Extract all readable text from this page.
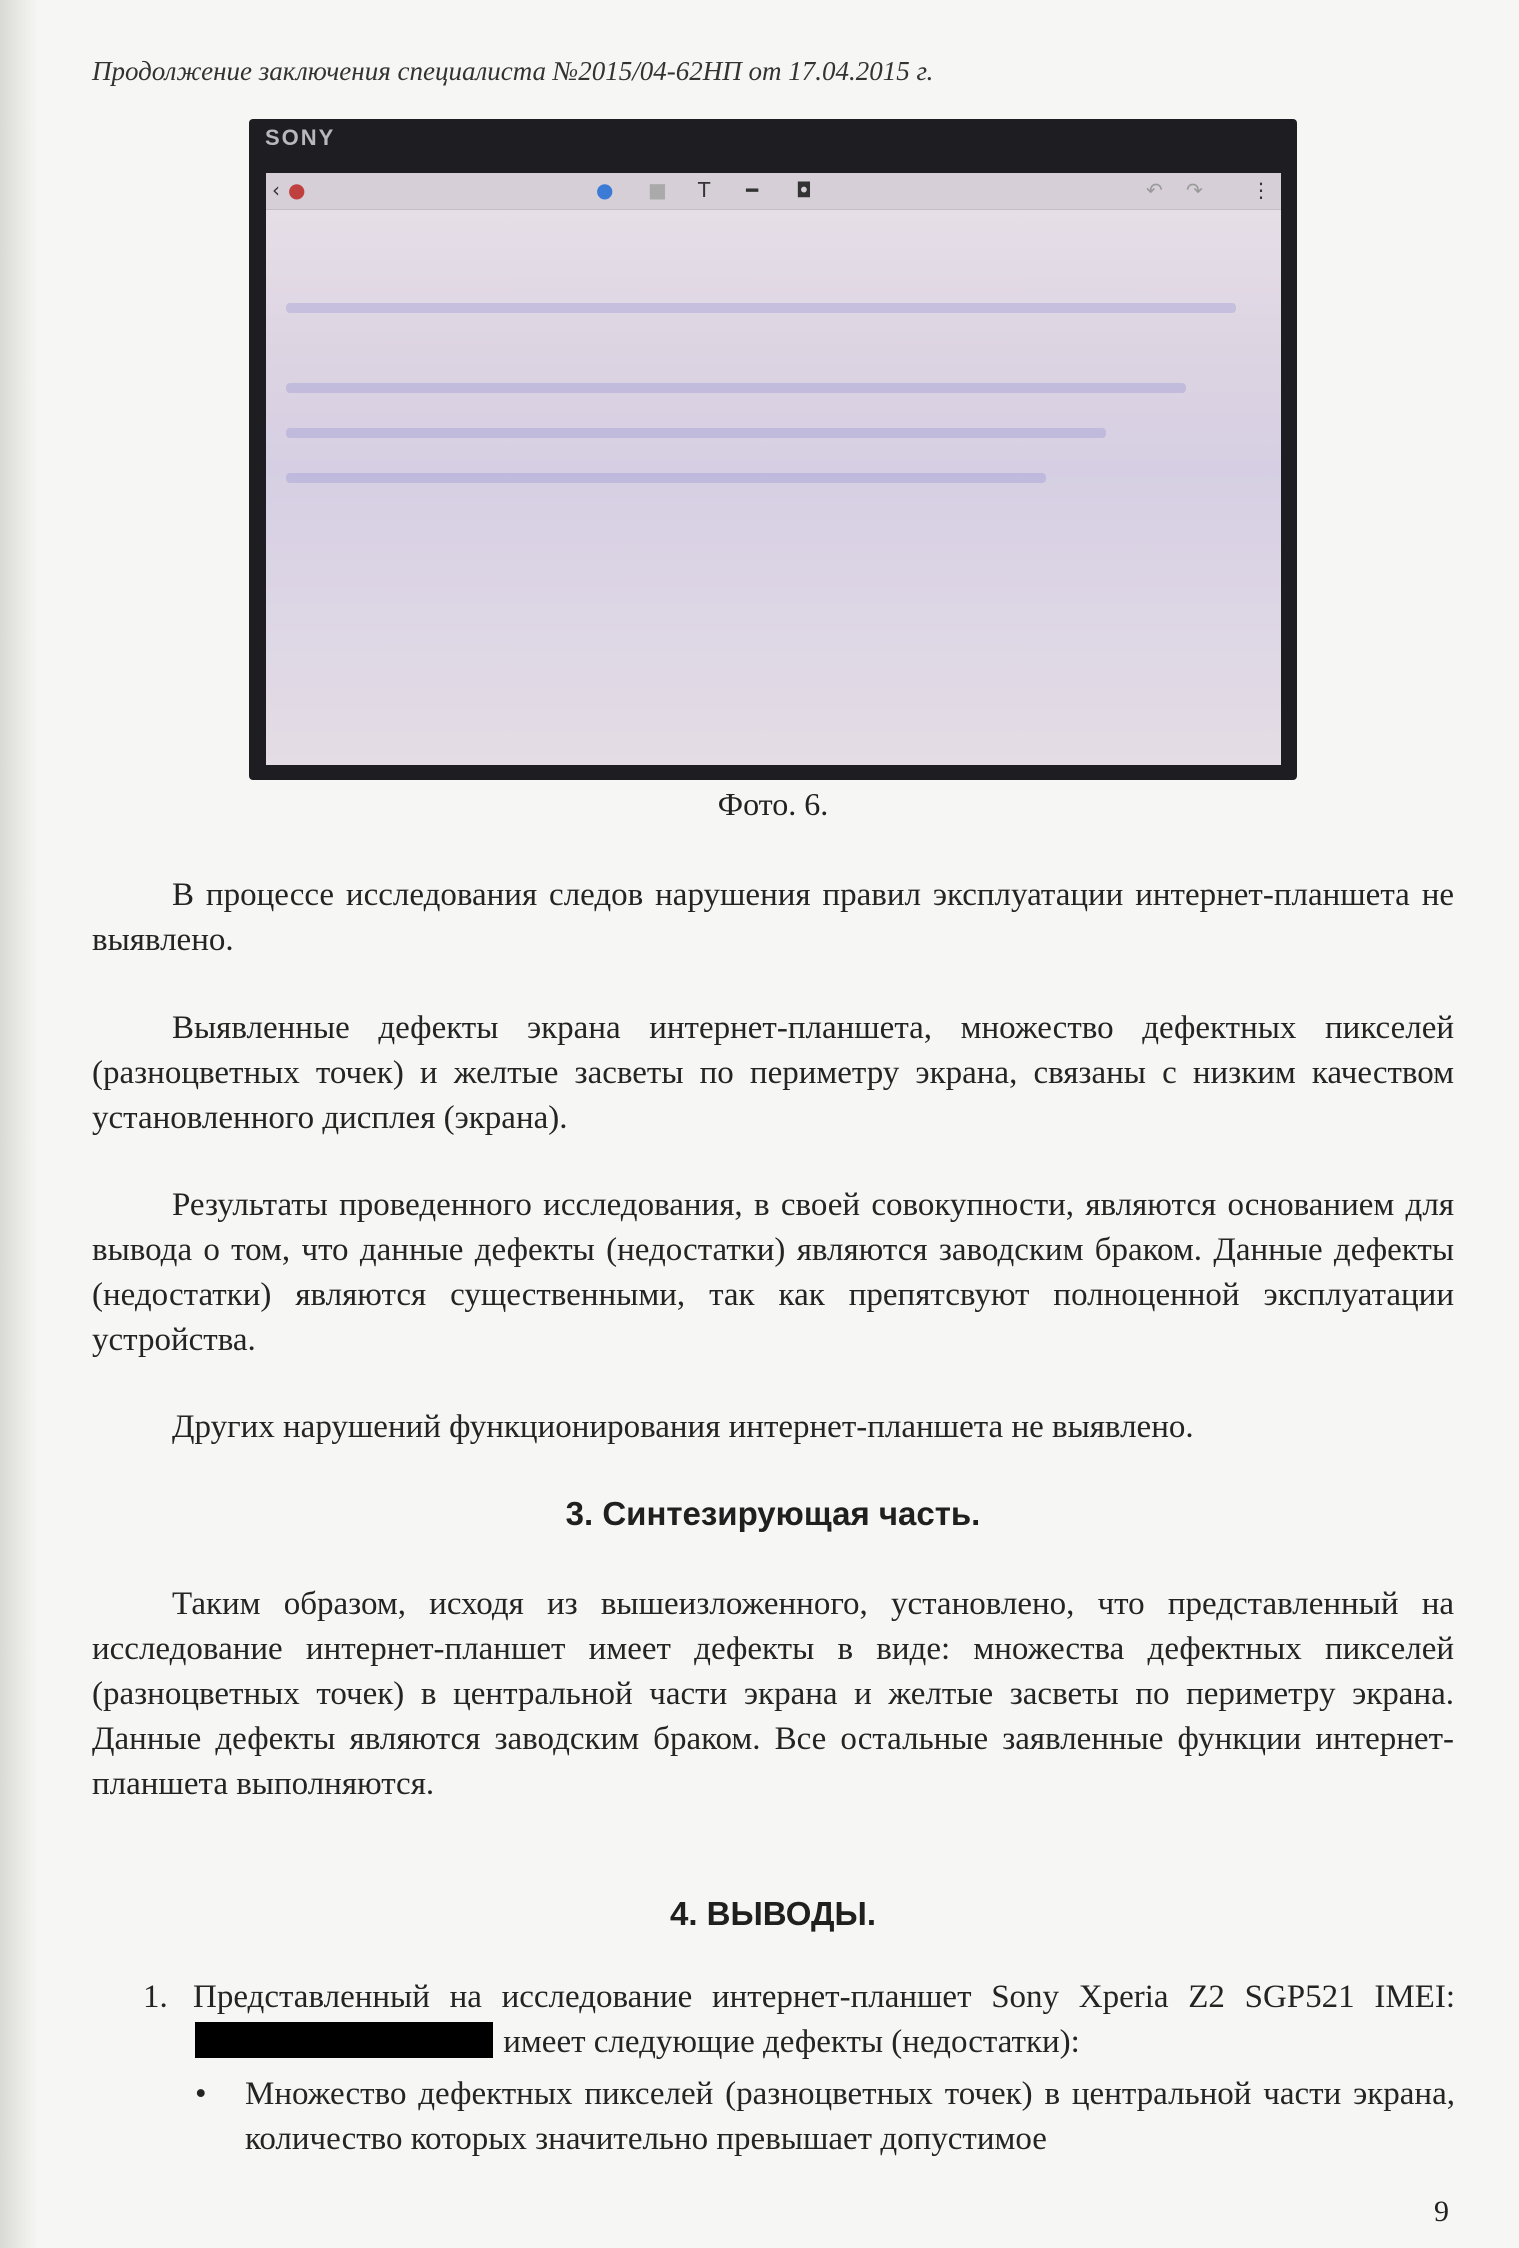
Продолжение заключения специалиста №2015/04-62НП от 17.04.2015 г.
SONY
‹ ●	● ■ T ━ ◘	↶ ↷ ⋮
Фото. 6.

В процессе исследования следов нарушения правил эксплуатации интернет-планшета не выявлено.

Выявленные дефекты экрана интернет-планшета, множество дефектных пикселей (разноцветных точек) и желтые засветы по периметру экрана, связаны с низким качеством установленного дисплея (экрана).

Результаты проведенного исследования, в своей совокупности, являются основанием для вывода о том, что данные дефекты (недостатки) являются заводским браком. Данные дефекты (недостатки) являются существенными, так как препятсвуют полноценной эксплуатации устройства.

Других нарушений функционирования интернет-планшета не выявлено.

3. Синтезирующая часть.

Таким образом, исходя из вышеизложенного, установлено, что представленный на исследование интернет-планшет имеет дефекты в виде: множества дефектных пикселей (разноцветных точек) в центральной части экрана и желтые засветы по периметру экрана. Данные дефекты являются заводским браком. Все остальные заявленные функции интернет-планшета выполняются.

4. ВЫВОДЫ.
1. Представленный на исследование интернет-планшет Sony Xperia Z2 SGP521 IMEI:  имеет следующие дефекты (недостатки):
• Множество дефектных пикселей (разноцветных точек) в центральной части экрана, количество которых значительно превышает допустимое
9
